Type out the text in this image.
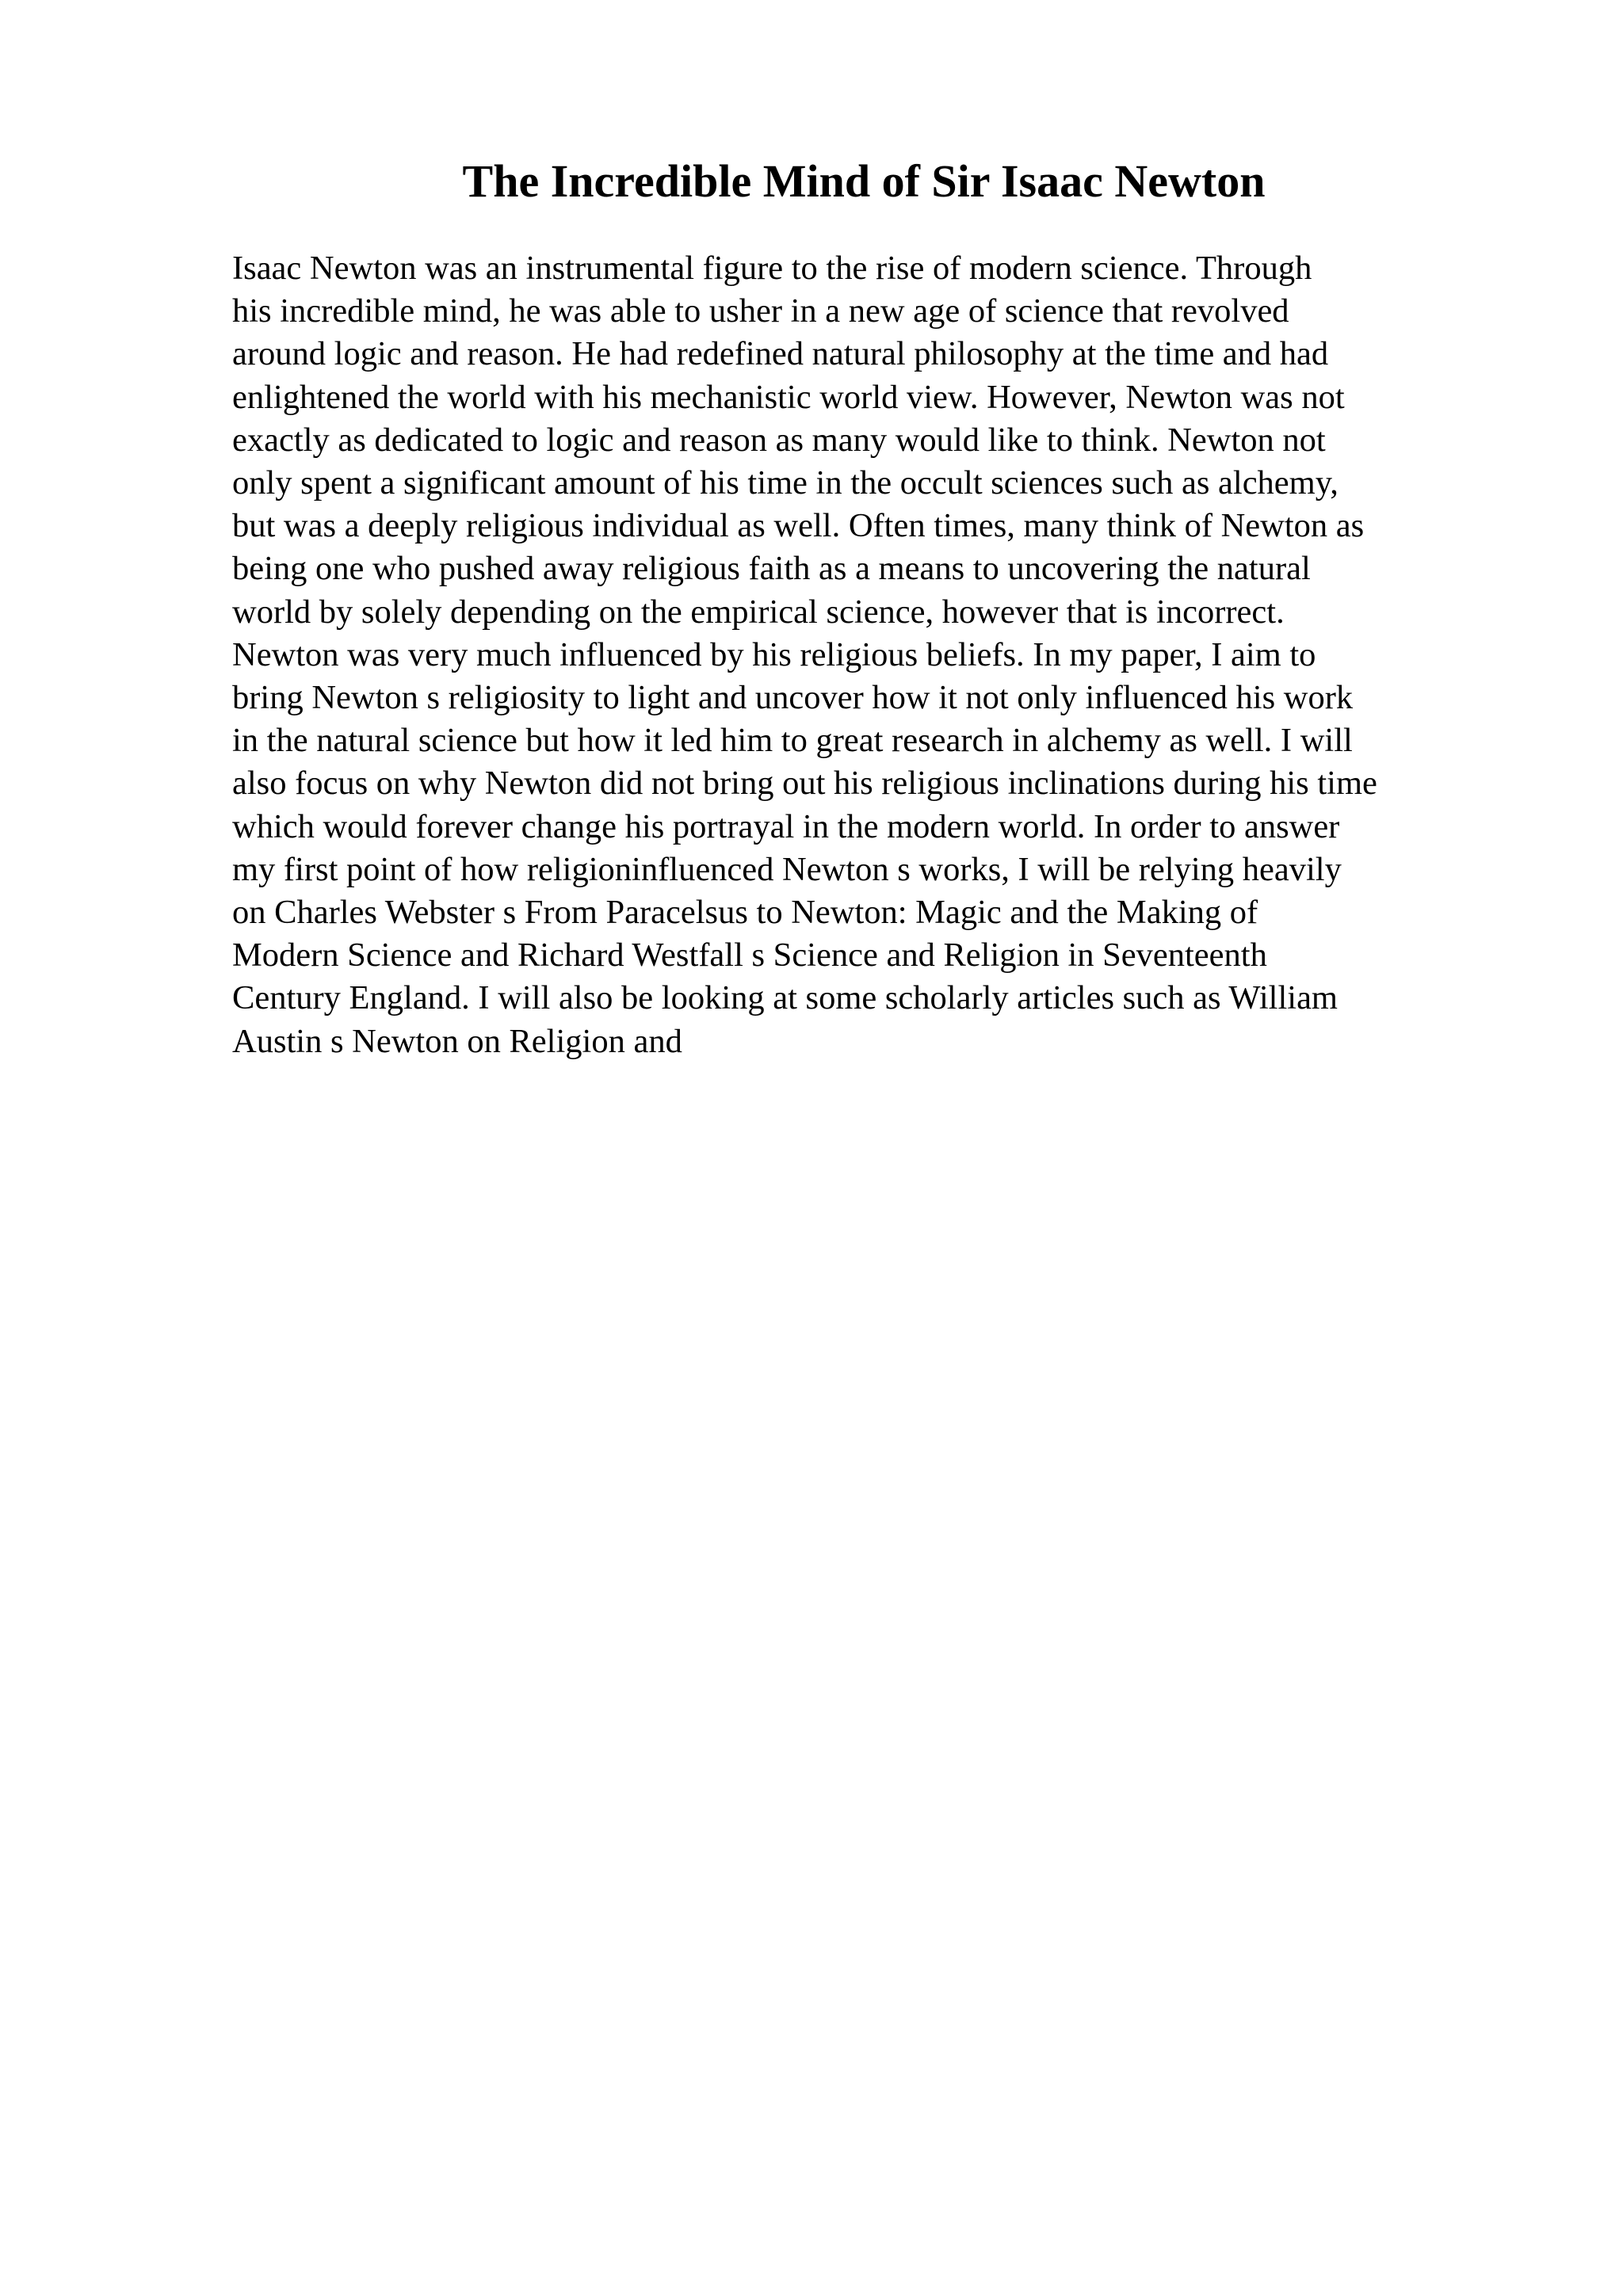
The Incredible Mind of Sir Isaac Newton
Isaac Newton was an instrumental figure to the rise of modern science. Through
his incredible mind, he was able to usher in a new age of science that revolved
around logic and reason. He had redefined natural philosophy at the time and had
enlightened the world with his mechanistic world view. However, Newton was not
exactly as dedicated to logic and reason as many would like to think. Newton not
only spent a significant amount of his time in the occult sciences such as alchemy,
but was a deeply religious individual as well. Often times, many think of Newton as
being one who pushed away religious faith as a means to uncovering the natural
world by solely depending on the empirical science, however that is incorrect.
Newton was very much influenced by his religious beliefs. In my paper, I aim to
bring Newton s religiosity to light and uncover how it not only influenced his work
in the natural science but how it led him to great research in alchemy as well. I will
also focus on why Newton did not bring out his religious inclinations during his time
which would forever change his portrayal in the modern world. In order to answer
my first point of how religioninfluenced Newton s works, I will be relying heavily
on Charles Webster s From Paracelsus to Newton: Magic and the Making of
Modern Science and Richard Westfall s Science and Religion in Seventeenth
Century England. I will also be looking at some scholarly articles such as William
Austin s Newton on Religion and
